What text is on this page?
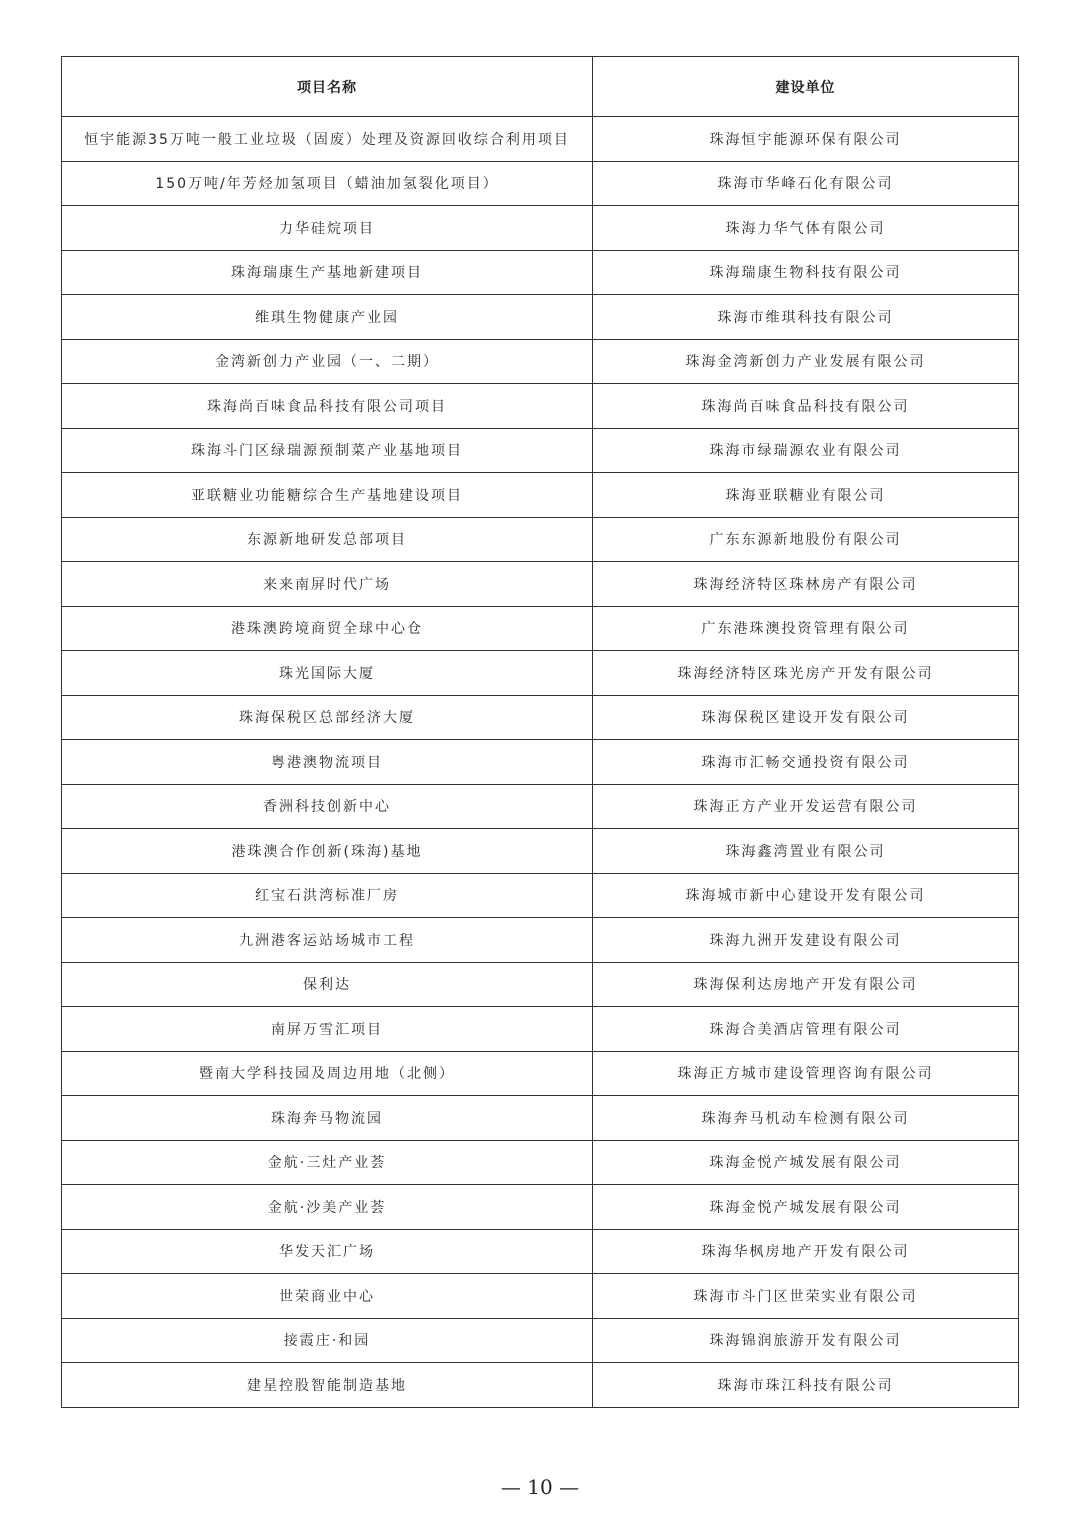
项目名称	建设单位
恒宇能源35万吨一般工业垃圾（固废）处理及资源回收综合利用项目	珠海恒宇能源环保有限公司
150万吨/年芳烃加氢项目（蜡油加氢裂化项目）	珠海市华峰石化有限公司
力华硅烷项目	珠海力华气体有限公司
珠海瑞康生产基地新建项目	珠海瑞康生物科技有限公司
维琪生物健康产业园	珠海市维琪科技有限公司
金湾新创力产业园（一、二期）	珠海金湾新创力产业发展有限公司
珠海尚百味食品科技有限公司项目	珠海尚百味食品科技有限公司
珠海斗门区绿瑞源预制菜产业基地项目	珠海市绿瑞源农业有限公司
亚联糖业功能糖综合生产基地建设项目	珠海亚联糖业有限公司
东源新地研发总部项目	广东东源新地股份有限公司
来来南屏时代广场	珠海经济特区珠林房产有限公司
港珠澳跨境商贸全球中心仓	广东港珠澳投资管理有限公司
珠光国际大厦	珠海经济特区珠光房产开发有限公司
珠海保税区总部经济大厦	珠海保税区建设开发有限公司
粤港澳物流项目	珠海市汇畅交通投资有限公司
香洲科技创新中心	珠海正方产业开发运营有限公司
港珠澳合作创新(珠海)基地	珠海鑫湾置业有限公司
红宝石洪湾标准厂房	珠海城市新中心建设开发有限公司
九洲港客运站场城市工程	珠海九洲开发建设有限公司
保利达	珠海保利达房地产开发有限公司
南屏万雪汇项目	珠海合美酒店管理有限公司
暨南大学科技园及周边用地（北侧）	珠海正方城市建设管理咨询有限公司
珠海奔马物流园	珠海奔马机动车检测有限公司
金航·三灶产业荟	珠海金悦产城发展有限公司
金航·沙美产业荟	珠海金悦产城发展有限公司
华发天汇广场	珠海华枫房地产开发有限公司
世荣商业中心	珠海市斗门区世荣实业有限公司
接霞庄·和园	珠海锦润旅游开发有限公司
建星控股智能制造基地	珠海市珠江科技有限公司
— 10 —
